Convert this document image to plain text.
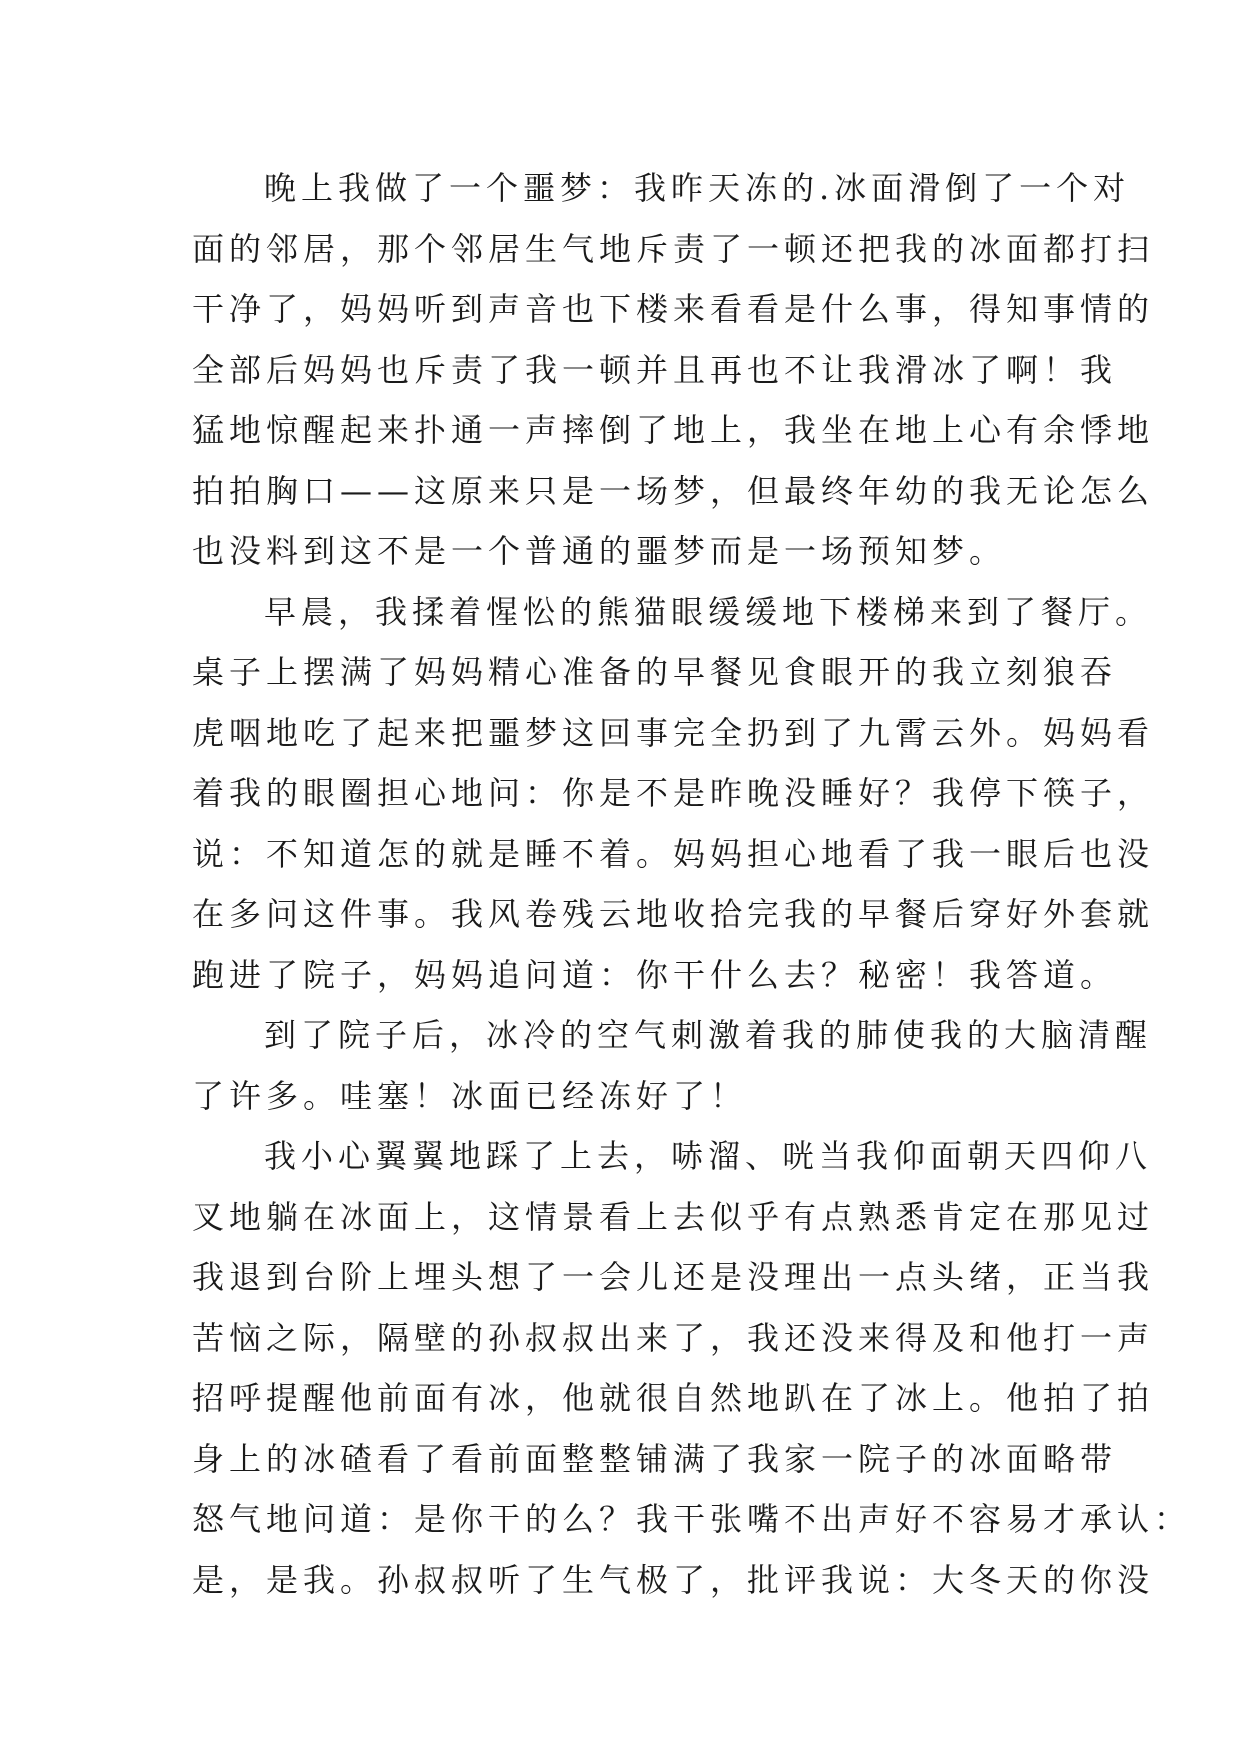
晚上我做了一个噩梦：我昨天冻的.冰面滑倒了一个对
面的邻居，那个邻居生气地斥责了一顿还把我的冰面都打扫
干净了，妈妈听到声音也下楼来看看是什么事，得知事情的
全部后妈妈也斥责了我一顿并且再也不让我滑冰了啊！我
猛地惊醒起来扑通一声摔倒了地上，我坐在地上心有余悸地
拍拍胸口——这原来只是一场梦，但最终年幼的我无论怎么
也没料到这不是一个普通的噩梦而是一场预知梦。
早晨，我揉着惺忪的熊猫眼缓缓地下楼梯来到了餐厅。
桌子上摆满了妈妈精心准备的早餐见食眼开的我立刻狼吞
虎咽地吃了起来把噩梦这回事完全扔到了九霄云外。妈妈看
着我的眼圈担心地问：你是不是昨晚没睡好？我停下筷子，
说：不知道怎的就是睡不着。妈妈担心地看了我一眼后也没
在多问这件事。我风卷残云地收拾完我的早餐后穿好外套就
跑进了院子，妈妈追问道：你干什么去？秘密！我答道。
到了院子后，冰冷的空气刺激着我的肺使我的大脑清醒
了许多。哇塞！冰面已经冻好了！
我小心翼翼地踩了上去，哧溜、咣当我仰面朝天四仰八
叉地躺在冰面上，这情景看上去似乎有点熟悉肯定在那见过
我退到台阶上埋头想了一会儿还是没理出一点头绪，正当我
苦恼之际，隔壁的孙叔叔出来了，我还没来得及和他打一声
招呼提醒他前面有冰，他就很自然地趴在了冰上。他拍了拍
身上的冰碴看了看前面整整铺满了我家一院子的冰面略带
怒气地问道：是你干的么？我干张嘴不出声好不容易才承认：
是，是我。孙叔叔听了生气极了，批评我说：大冬天的你没
